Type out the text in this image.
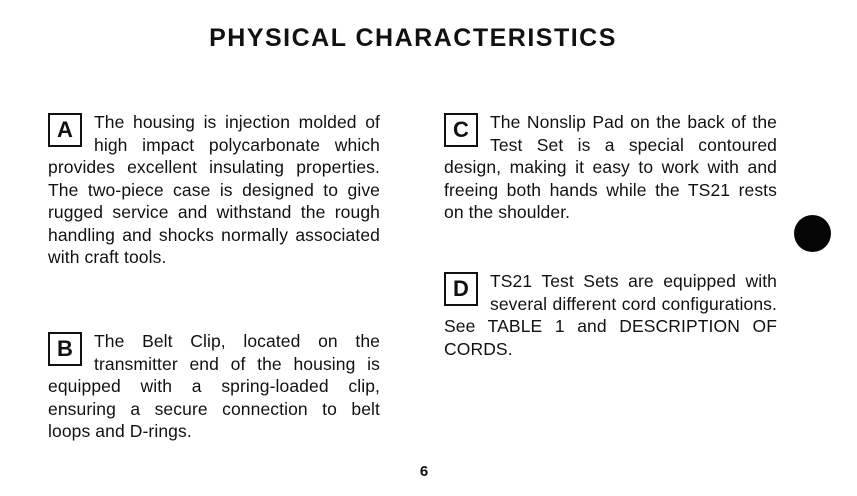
PHYSICAL CHARACTERISTICS
A	The housing is injection molded of high impact polycarbonate which provides excellent insulating properties. The two-piece case is designed to give rugged service and withstand the rough handling and shocks normally associated with craft tools.
B	The Belt Clip, located on the transmitter end of the housing is equipped with a spring-loaded clip, ensuring a secure connection to belt loops and D-rings.
C	The Nonslip Pad on the back of the Test Set is a special contoured design, making it easy to work with and freeing both hands while the TS21 rests on the shoulder.
D	TS21 Test Sets are equipped with several different cord configurations. See TABLE 1 and DESCRIPTION OF CORDS.
6
